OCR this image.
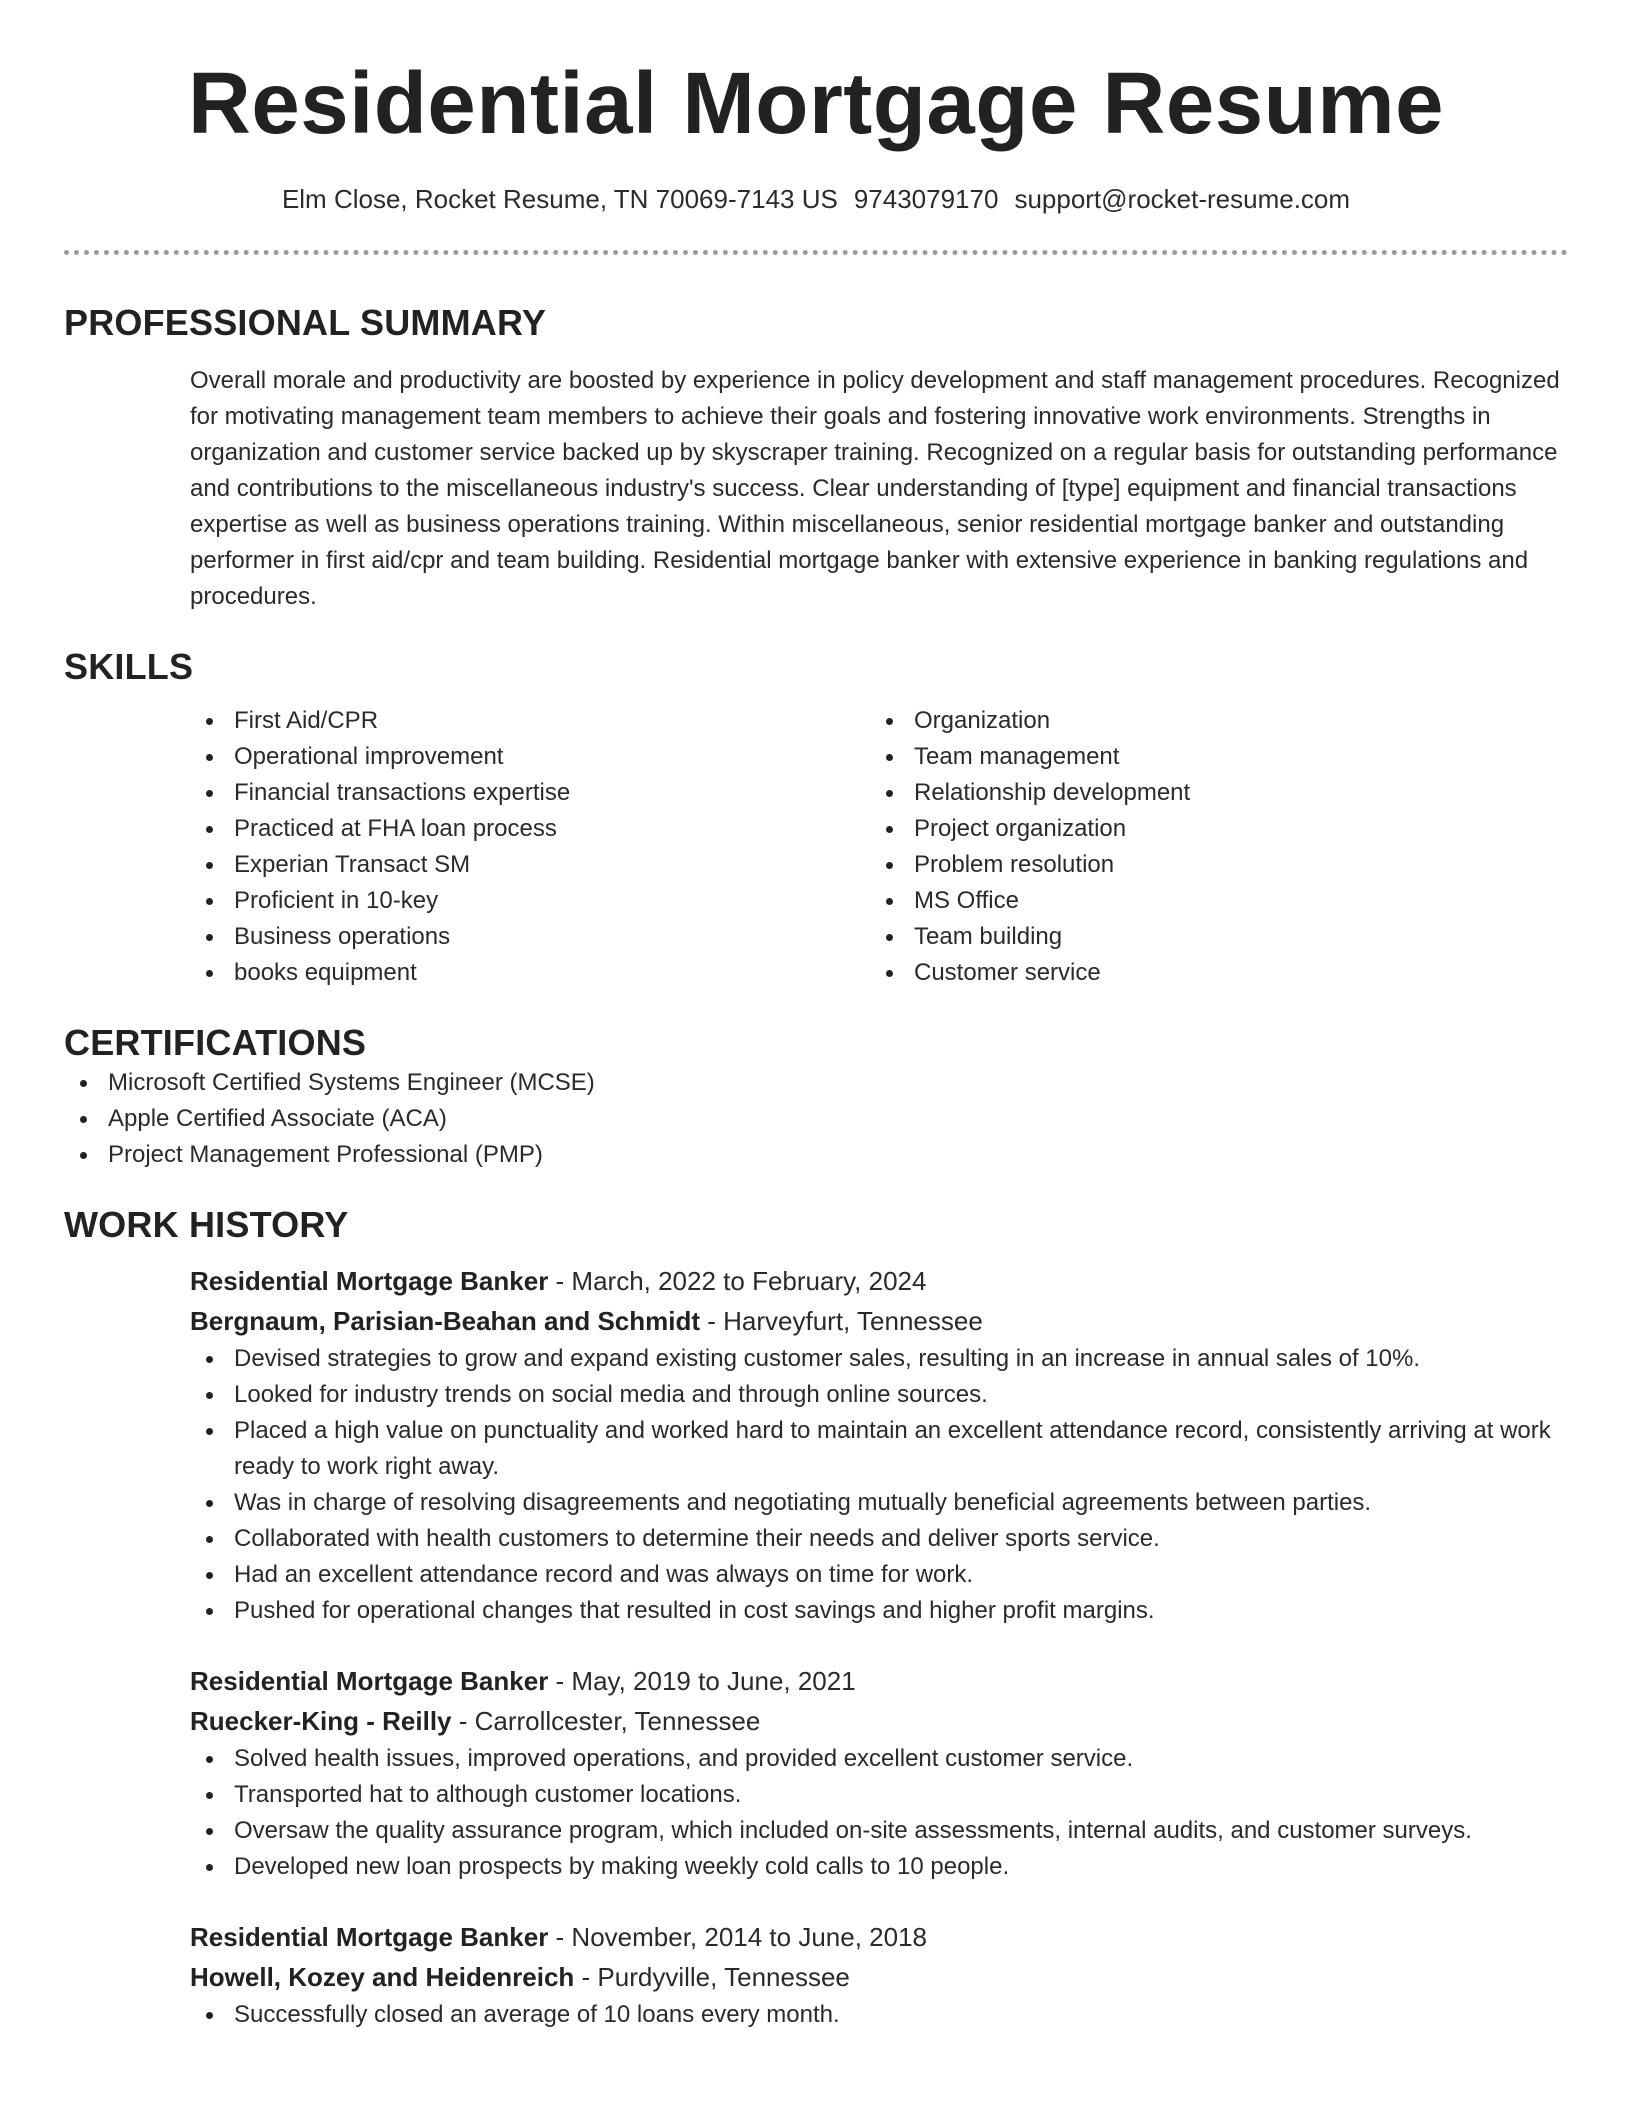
Residential Mortgage Resume
Elm Close, Rocket Resume, TN 70069-7143 US 9743079170 support@rocket-resume.com
PROFESSIONAL SUMMARY

Overall morale and productivity are boosted by experience in policy development and staff management procedures. Recognized for motivating management team members to achieve their goals and fostering innovative work environments. Strengths in organization and customer service backed up by skyscraper training. Recognized on a regular basis for outstanding performance and contributions to the miscellaneous industry's success. Clear understanding of [type] equipment and financial transactions expertise as well as business operations training. Within miscellaneous, senior residential mortgage banker and outstanding performer in first aid/cpr and team building. Residential mortgage banker with extensive experience in banking regulations and procedures.

SKILLS
First Aid/CPR
Operational improvement
Financial transactions expertise
Practiced at FHA loan process
Experian Transact SM
Proficient in 10-key
Business operations
books equipment
Organization
Team management
Relationship development
Project organization
Problem resolution
MS Office
Team building
Customer service
CERTIFICATIONS
Microsoft Certified Systems Engineer (MCSE)
Apple Certified Associate (ACA)
Project Management Professional (PMP)
WORK HISTORY
Residential Mortgage Banker - March, 2022 to February, 2024
Bergnaum, Parisian-Beahan and Schmidt - Harveyfurt, Tennessee
Devised strategies to grow and expand existing customer sales, resulting in an increase in annual sales of 10%.
Looked for industry trends on social media and through online sources.
Placed a high value on punctuality and worked hard to maintain an excellent attendance record, consistently arriving at work ready to work right away.
Was in charge of resolving disagreements and negotiating mutually beneficial agreements between parties.
Collaborated with health customers to determine their needs and deliver sports service.
Had an excellent attendance record and was always on time for work.
Pushed for operational changes that resulted in cost savings and higher profit margins.
Residential Mortgage Banker - May, 2019 to June, 2021
Ruecker-King - Reilly - Carrollcester, Tennessee
Solved health issues, improved operations, and provided excellent customer service.
Transported hat to although customer locations.
Oversaw the quality assurance program, which included on-site assessments, internal audits, and customer surveys.
Developed new loan prospects by making weekly cold calls to 10 people.
Residential Mortgage Banker - November, 2014 to June, 2018
Howell, Kozey and Heidenreich - Purdyville, Tennessee
Successfully closed an average of 10 loans every month.
